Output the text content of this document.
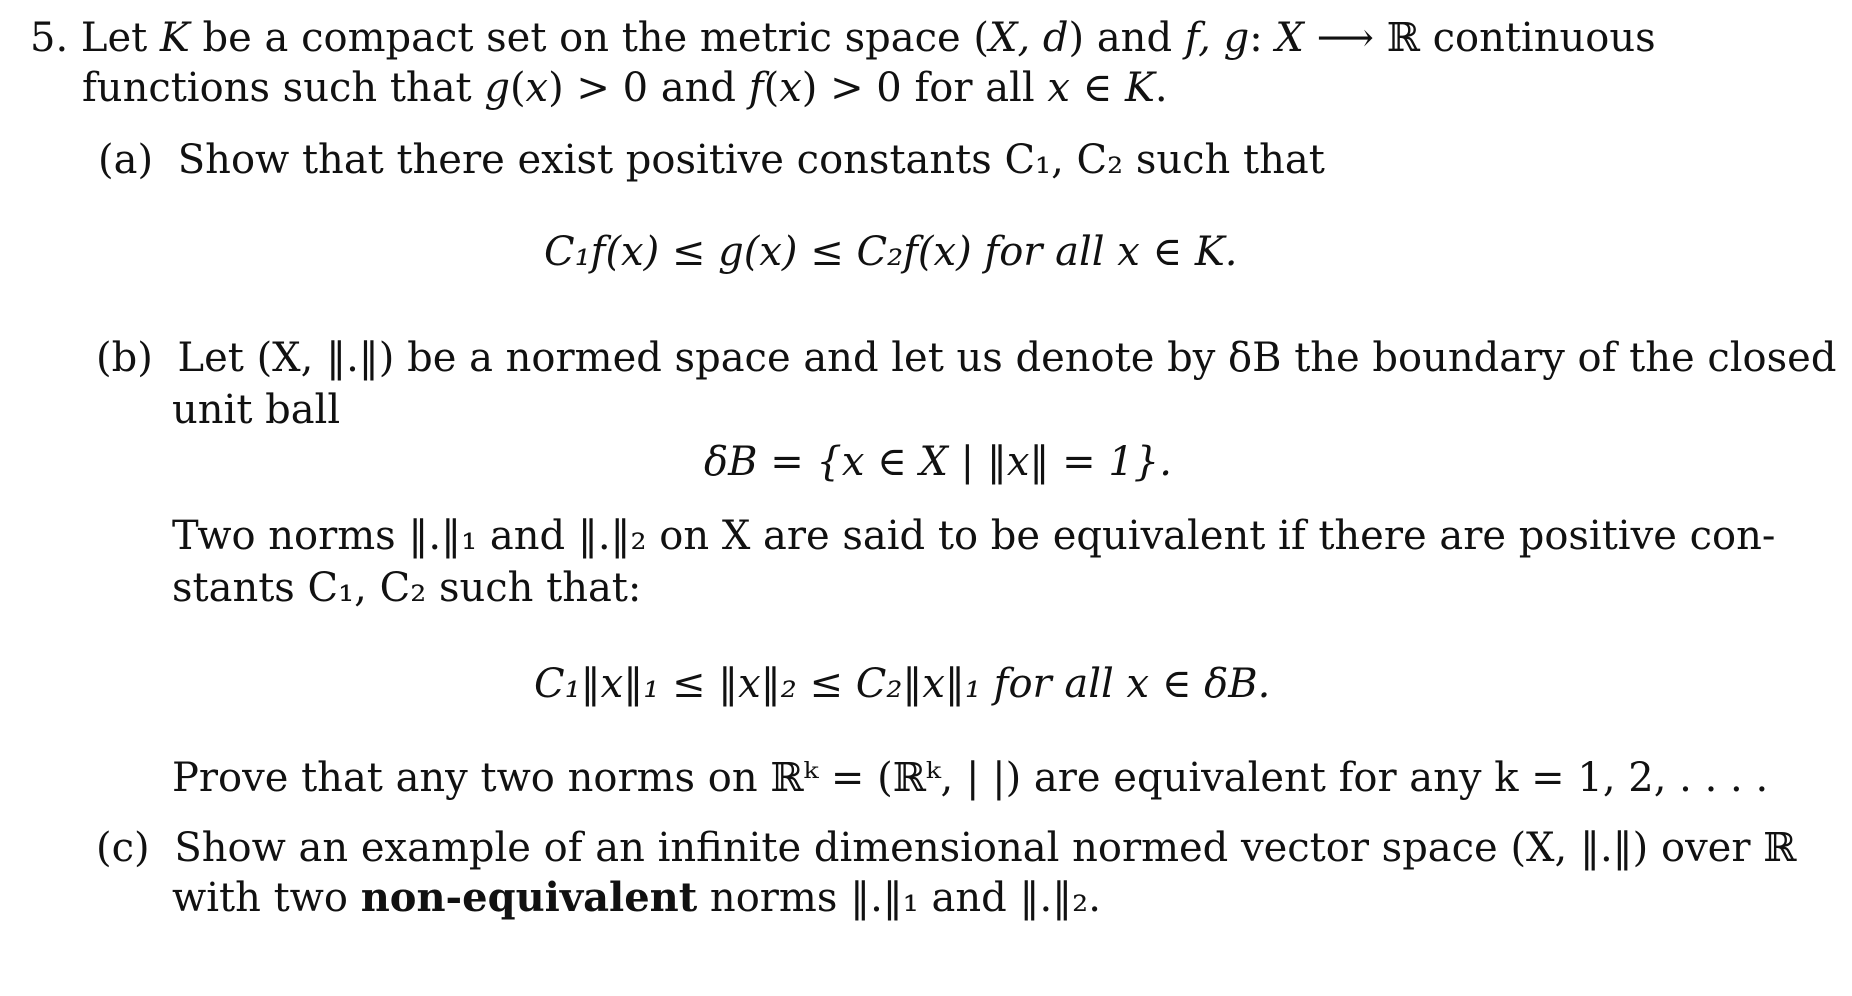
5. Let K be a compact set on the metric space (X, d) and f, g: X ⟶ ℝ continuous
functions such that g(x) > 0 and f(x) > 0 for all x ∈ K.
(a) Show that there exist positive constants C₁, C₂ such that
C₁f(x) ≤ g(x) ≤ C₂f(x) for all x ∈ K.
(b) Let (X, ‖.‖) be a normed space and let us denote by δB the boundary of the closed
unit ball
δB = {x ∈ X | ‖x‖ = 1}.
Two norms ‖.‖₁ and ‖.‖₂ on X are said to be equivalent if there are positive con-
stants C₁, C₂ such that:
C₁‖x‖₁ ≤ ‖x‖₂ ≤ C₂‖x‖₁ for all x ∈ δB.
Prove that any two norms on ℝᵏ = (ℝᵏ, | |) are equivalent for any k = 1, 2, . . . .
(c) Show an example of an infinite dimensional normed vector space (X, ‖.‖) over ℝ
with two non-equivalent norms ‖.‖₁ and ‖.‖₂.
